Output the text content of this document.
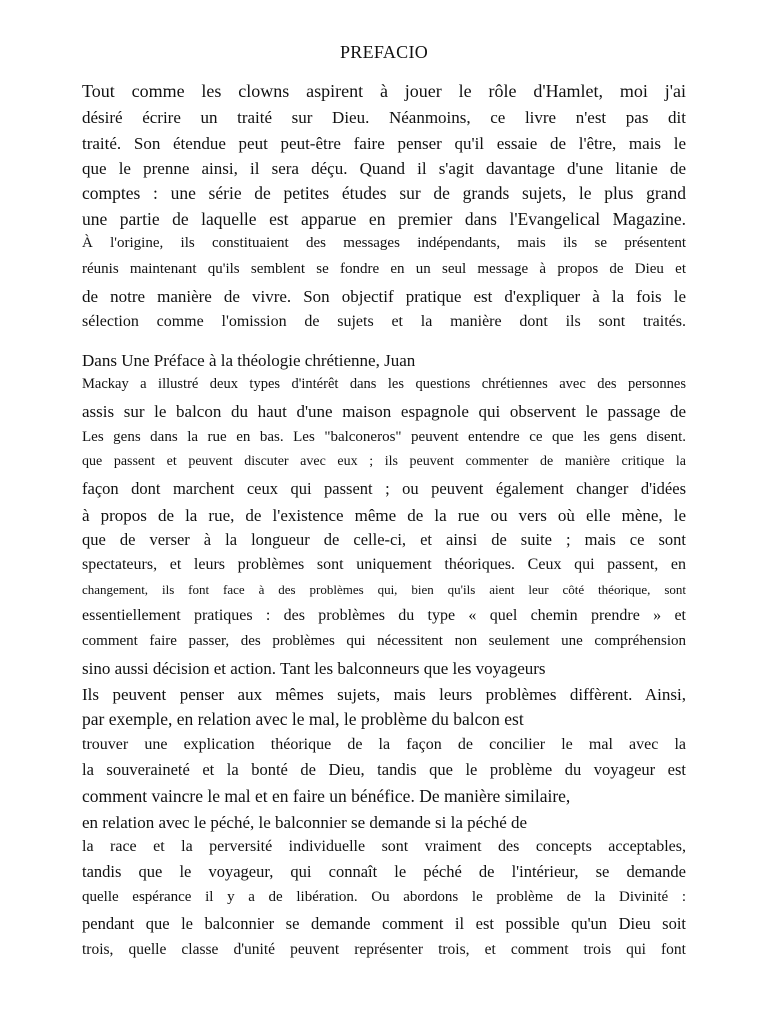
PREFACIO
Tout comme les clowns aspirent à jouer le rôle d'Hamlet, moi j'ai
désiré écrire un traité sur Dieu. Néanmoins, ce livre n'est pas dit
traité. Son étendue peut peut-être faire penser qu'il essaie de l'être, mais le
que le prenne ainsi, il sera déçu. Quand il s'agit davantage d'une litanie de
comptes : une série de petites études sur de grands sujets, le plus grand
une partie de laquelle est apparue en premier dans l'Evangelical Magazine.
À l'origine, ils constituaient des messages indépendants, mais ils se présentent
réunis maintenant qu'ils semblent se fondre en un seul message à propos de Dieu et
de notre manière de vivre. Son objectif pratique est d'expliquer à la fois le
sélection comme l'omission de sujets et la manière dont ils sont traités.
Dans Une Préface à la théologie chrétienne, Juan
Mackay a illustré deux types d'intérêt dans les questions chrétiennes avec des personnes
assis sur le balcon du haut d'une maison espagnole qui observent le passage de
Les gens dans la rue en bas. Les "balconeros" peuvent entendre ce que les gens disent.
que passent et peuvent discuter avec eux ; ils peuvent commenter de manière critique la
façon dont marchent ceux qui passent ; ou peuvent également changer d'idées
à propos de la rue, de l'existence même de la rue ou vers où elle mène, le
que de verser à la longueur de celle-ci, et ainsi de suite ; mais ce sont
spectateurs, et leurs problèmes sont uniquement théoriques. Ceux qui passent, en
changement, ils font face à des problèmes qui, bien qu'ils aient leur côté théorique, sont
essentiellement pratiques : des problèmes du type « quel chemin prendre » et
comment faire passer, des problèmes qui nécessitent non seulement une compréhension
sino aussi décision et action. Tant les balconneurs que les voyageurs
Ils peuvent penser aux mêmes sujets, mais leurs problèmes diffèrent. Ainsi,
par exemple, en relation avec le mal, le problème du balcon est
trouver une explication théorique de la façon de concilier le mal avec la
la souveraineté et la bonté de Dieu, tandis que le problème du voyageur est
comment vaincre le mal et en faire un bénéfice. De manière similaire,
en relation avec le péché, le balconnier se demande si la péché de
la race et la perversité individuelle sont vraiment des concepts acceptables,
tandis que le voyageur, qui connaît le péché de l'intérieur, se demande
quelle espérance il y a de libération. Ou abordons le problème de la Divinité :
pendant que le balconnier se demande comment il est possible qu'un Dieu soit
trois, quelle classe d'unité peuvent représenter trois, et comment trois qui font
